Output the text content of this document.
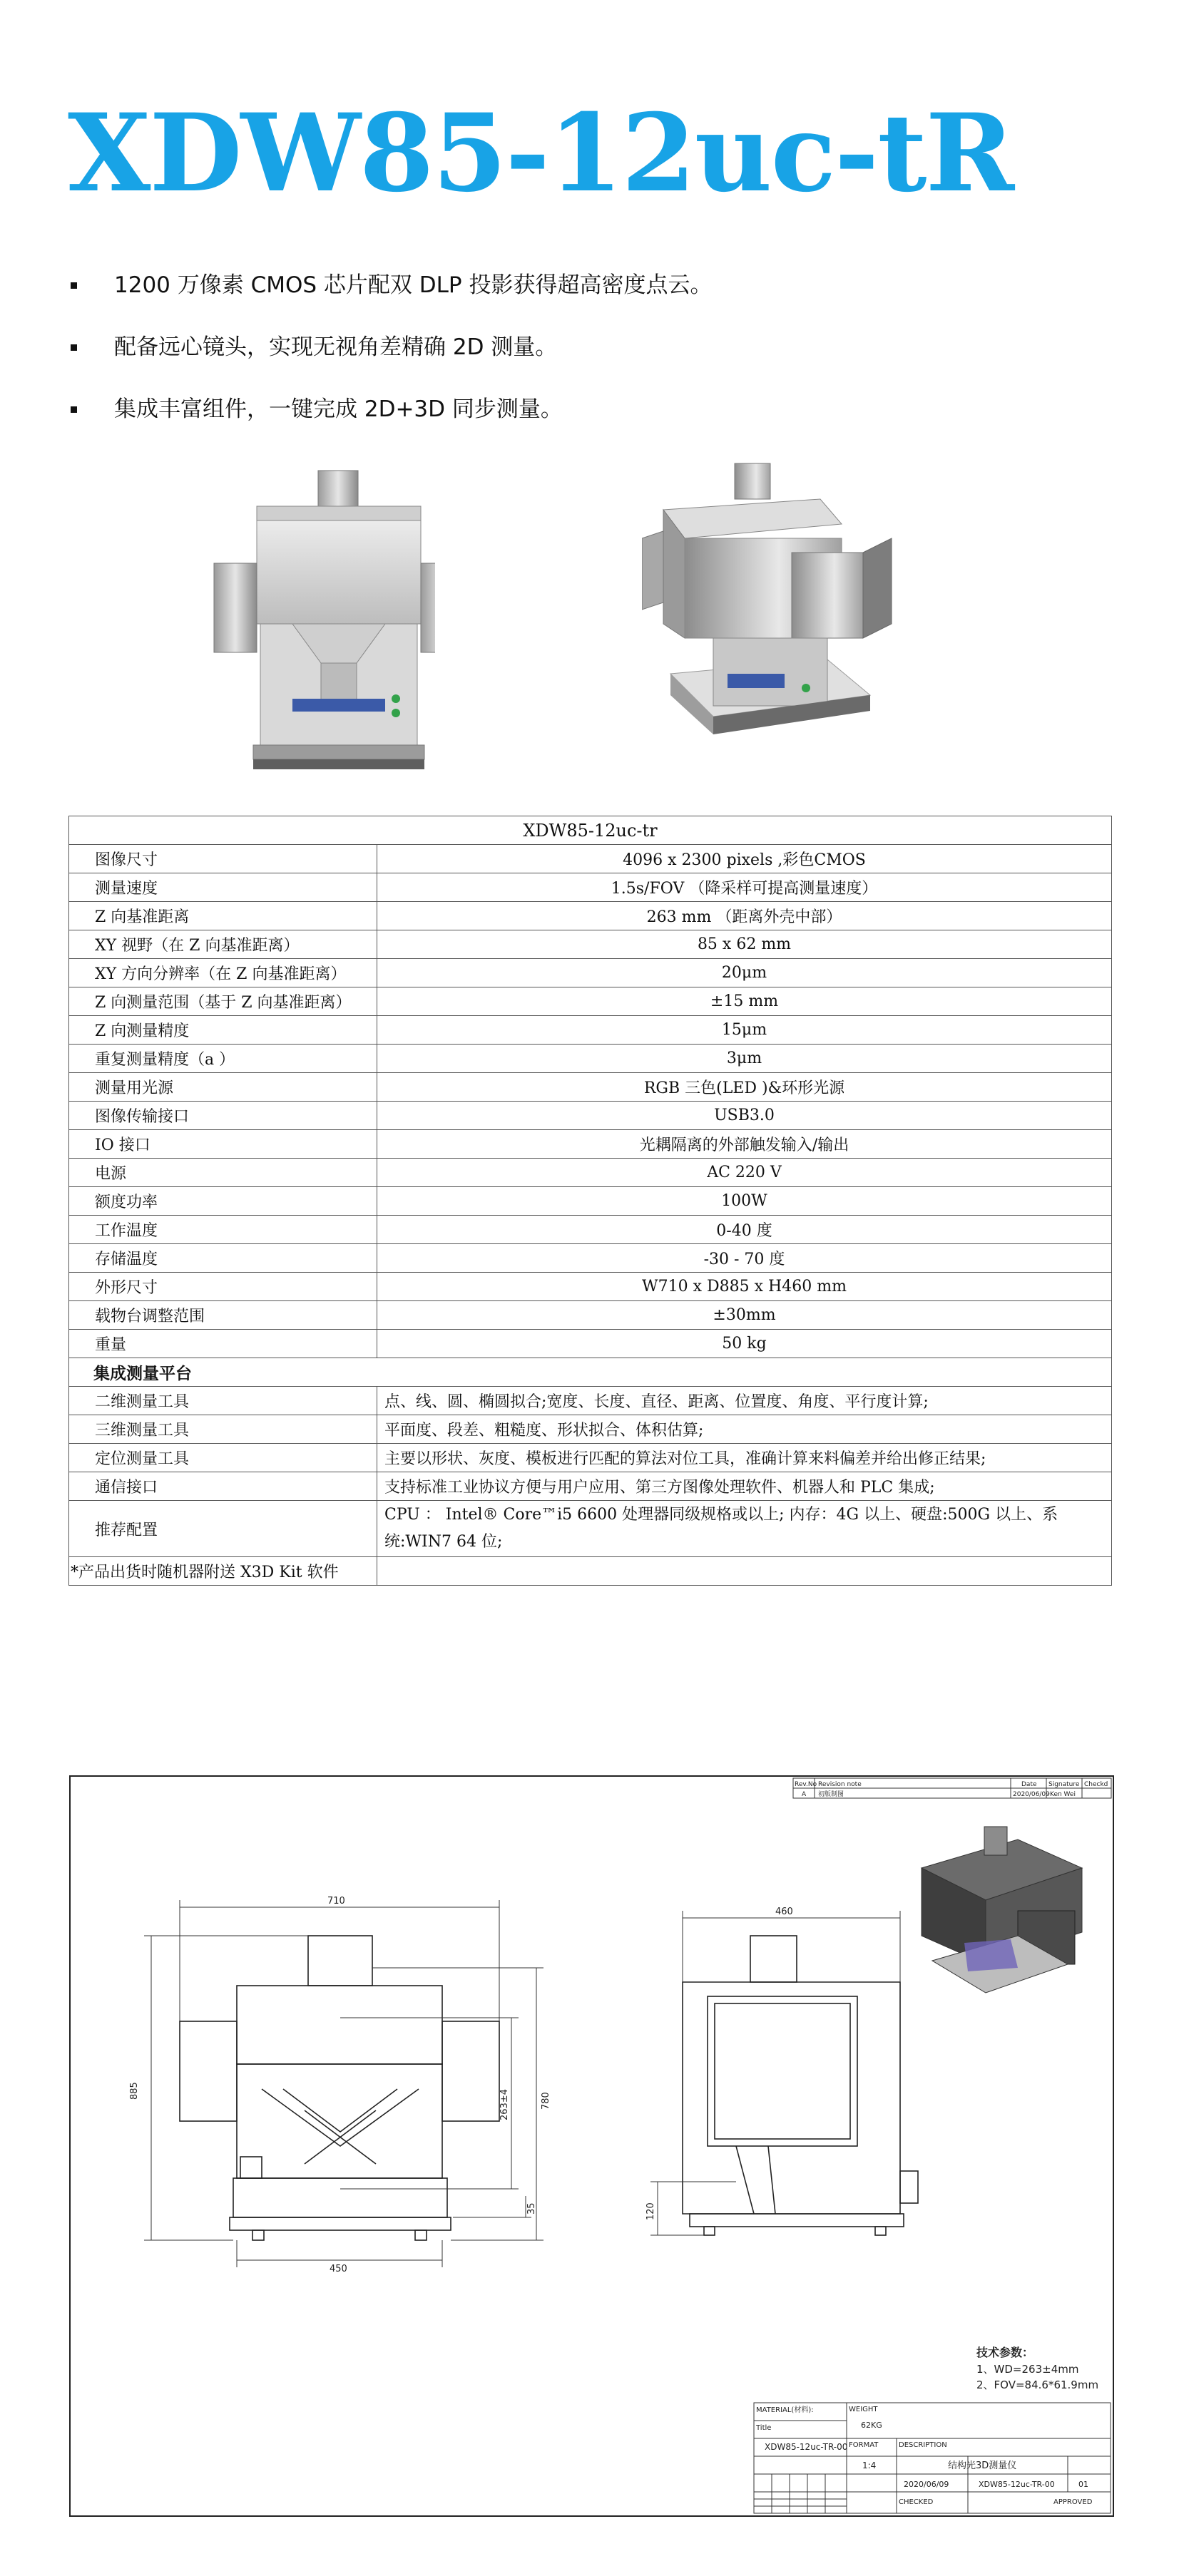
XDW85-12uc-tR
1200 万像素 CMOS 芯片配双 DLP 投影获得超高密度点云。
配备远心镜头，实现无视角差精确 2D 测量。
集成丰富组件，一键完成 2D+3D 同步测量。
XDW85-12uc-tr	
图像尺寸	4096 x 2300 pixels ,彩色CMOS
测量速度	1.5s/FOV （降采样可提高测量速度）
Z 向基准距离	263 mm （距离外壳中部）
XY 视野（在 Z 向基准距离）	85 x 62 mm
XY 方向分辨率（在 Z 向基准距离）	20μm
Z 向测量范围（基于 Z 向基准距离）	±15 mm
Z 向测量精度	15μm
重复测量精度（a ）	3μm
测量用光源	RGB 三色(LED )&环形光源
图像传输接口	USB3.0
IO 接口	光耦隔离的外部触发输入/输出
电源	AC 220 V
额度功率	100W
工作温度	0-40 度
存储温度	-30 - 70 度
外形尺寸	W710 x D885 x H460 mm
载物台调整范围	±30mm
重量	50 kg
集成测量平台	
二维测量工具	点、线、圆、椭圆拟合;宽度、长度、直径、距离、位置度、角度、平行度计算;
三维测量工具	平面度、段差、粗糙度、形状拟合、体积估算;
定位测量工具	主要以形状、灰度、模板进行匹配的算法对位工具，准确计算来料偏差并给出修正结果;
通信接口	支持标准工业协议方便与用户应用、第三方图像处理软件、机器人和 PLC 集成;
推荐配置	CPU ： Intel® Core™i5 6600 处理器同级规格或以上; 内存：4G 以上、硬盘:500G 以上、系
统:WIN7 64 位;
*产品出货时随机器附送 X3D Kit 软件	
Rev.No Revision note	Date Signature Checkd
A 初版制图	2020/06/09 Ken Wei
710
885
780
263±4
35
450
460
120
技术参数：
1、WD=263±4mm
2、FOV=84.6*61.9mm
MATERIAL(材料):	WEIGHT
62KG
Title
XDW85-12uc-TR-00 FORMAT
1:4
DESCRIPTION
结构光3D测量仪
2020/06/09	XDW85-12uc-TR-00	01
CHECKED	APPROVED
